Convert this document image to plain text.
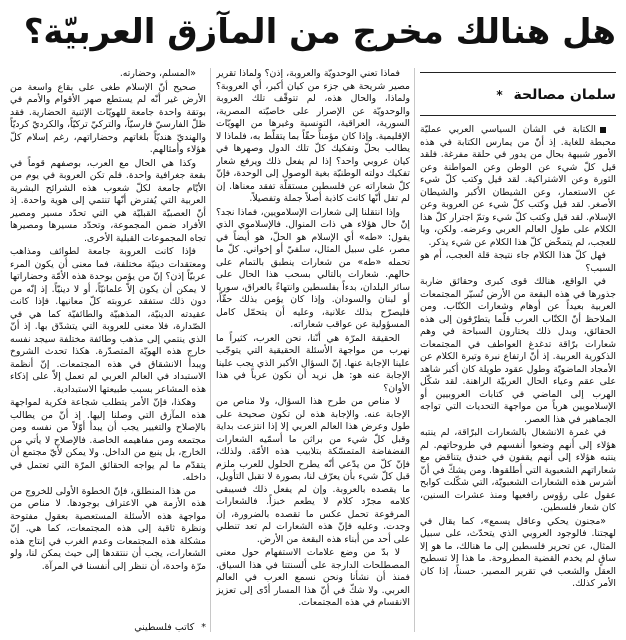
هل هنالك مخرج من المآزق العربيّة؟
سلمان مصالحة *

الكتابة في الشأن السياسي العربي عمليّة محبطة للغاية. إذ أنّ من يمارس الكتابة في هذه الأمور شبيهة بحال من يدور في حلقة مفرغة. فلقد قيل كلّ شيء عن الوطن وعن المواطنة وعن الثورة وعن الاشتراكية. لقد قيل وكتب كلّ شيء عن الاستعمار، وعن الشيطان الأكبر والشيطان الأصغر. لقد قيل وكتب كلّ شيء عن العروبة وعن الإسلام. لقد قيل وكتب كلّ شيء وتمّ اجترار كلّ هذا الكلام على طول العالم العربي وعرضه. ولكن، ويا للعجب، لم يتمخّض كلّ هذا الكلام عن شيء يذكر.

فهل كلّ هذا الكلام جاء نتيجة قلة العجب، أم هو السبب؟

في الواقع، هنالك قوى كبرى وحقائق ضاربة جذورها في هذه البقعة من الأرض تُسيّر المجتمعات العربية بعيداً عن أوهام وشعارات الكتّاب. ومن الملاحظ أنّ الكتّاب العرب قلّما يتطرّقون إلى هذه الحقائق، وبدل ذلك يختارون السباحة في وهم شعارات برّاقة تدغدغ العواطف في المجتمعات الذكورية العربية. إذ أنّ ارتفاع نبرة وتيرة الكلام عن الأمجاد الماضويّة وطول عقود طويلة كان أكبر شاهد على عقم وعياء الحال العربيّة الراهنة. لقد شكّل الهرب إلى الماضي في كتابات العروبيين أو الإسلامويين هرباً من مواجهة التحديات التي تواجه الجماهير في هذا العصر.

في غمرة الانشغال بالشعارات البرّاقة، لم ينتبه هؤلاء إلى أنهم وضعوا أنفسهم في طروحاتهم. لم ينتبه هؤلاء إلى أنهم يقفون في خندق يتناقض مع شعاراتهم الشعبوية التي أطلقوها. ومن يشكّ في أنّ أشرس هذه الشعارات الشعبويّة، التي شكّلت كوابح عقول على رؤوس رافعيها ومنذ عشرات السنين، كان شعار فلسطين.

«مجنون يحكي وعاقل يسمع»، كما يقال في لهجتنا. فالوجود العروبي الذي يتحدّث، على سبيل المثال، عن تحرير فلسطين إلى ما هنالك، ما هو إلا ساقٍ لم يخدم القضية المطروحة. ما هذا إلا تسطيح العقل والشعب في تقرير المصير. حسناً، إذا كان الأمر كذلك.

فماذا تعني الوحدويّة والعروبة، إذن؟ ولماذا تقرير مصير شريحة هي جزء من كيان أكبر، أي العروبة؟ ولماذا، والحال هذه، لم تتوقّف تلك العروبة والوحدويّة عن الإصرار على خاصيّته المصرية، السورية، العراقية، التونسية وغيرها من الهويّات الإقليمية. وإذا كان مؤمناً حقّاً بما يتقلّط به، فلماذا لا يطالب بحلّ وتفكيك كلّ تلك الدول وصهرها في كيان عروبي واحد؟ إذا لم يفعل ذلك ويرفع شعار تفكيك دولته الوطنيّة بغية الوصول إلى الوحدة، فإنّ كلّ شعاراته عن فلسطين مستقلّة تفقد معناها. إن لم تقل أنّها كانت كاذبة أصلاً جملة وتفصيلاً.

وإذا انتقلنا إلى شعارات الإسلامويين، فماذا نجد؟ إنّ حال هؤلاء هي ذات المنوال. فالإسلاموي الذي يقول: «طه» أي الإسلام هو الحلّ، هو أيضاً في مصر، على سبيل المثال، سلفيّ أو إخواني. كلّ ما تحمله «طه» من شعارات ينطبق بالتمام على حالهم. شعارات بالتالي بسحب هذا الحال على سائر البلدان، بدءاً بفلسطين وانتهاءً بالعراق، سوريا أو لبنان والسودان. وإذا كان يؤمن بذلك حقّاً، فليصرّح بذلك علانية، وعليه أن يتحمّل كامل المسؤولية عن عواقب شعاراته.

الحقيقة المرّة هي أنّنا، نحن العرب، كثيراً ما نهرب من مواجهة الأسئلة الحقيقية التي يتوجّب علينا الإجابة عنها. إنّ السؤال الأكبر الذي يجب علينا الإجابة عنه هو: هل نريد أن نكون عرباً في هذا الأوان؟

لا مناص من طرح هذا السؤال، ولا مناص من الإجابة عنه. والإجابة هذه لن تكون صحيحة على طول وعرض هذا العالم العربي إلا إذا انتزعت بداية وقبل كلّ شيء من براثن ما أسمّيه الشعارات الفضفاضة المتمسّكة بتلابيب هذه الأمّة. ولذلك، فإنّ كلّ من يدّعي أنّه يطرح الحلول للعرب ملزم قبل كلّ شيء بأن يعرّف لنا، بصورة لا تقبل التأويل، ما يقصده بالعروبة. وإن لم يفعل ذلك فسيبقى كلامه مجرّد كلام لا يطعم خبزاً. فالشعارات المرفوعة تحمل عكس ما تقصده بالضرورة، إن وجدت. وعليه فإنّ هذه الشعارات لم تعد تنطلي على أحد من أبناء هذه البقعة من الأرض.

لا بدّ من وضع علامات الاستفهام حول معنى المصطلحات الدارجة على ألسنتنا في هذا السياق. فمنذ أن نشأنا ونحن نسمع العرب في العالم العربي. ولا شكّ في أنّ هذا المسار أدّى إلى تعزيز الانقسام في هذه المجتمعات.

«المسلم، وحضارته.

صحيح أنّ الإسلام طغى على بقاع واسعة من الأرض غير أنّه لم يستطع صهر الأقوام والأمم في بوتقة واحدة جامعة للهويّات الإثنية الحضارية. فقد ظلّ الفارسيّ فارسيّاً، والتركيّ تركيّاً، والكرديّ كرديّاً والهنديّ هنديّاً بلغاتهم وحضاراتهم، رغم إسلام كلّ هؤلاء وأمثالهم.

وكذا هي الحال مع العرب، بوصفهم قوماً في بقعة جغرافية واحدة. فلم تكن العروبة في يوم من الأيّام جامعة لكلّ شعوب هذه الشرائح البشرية العربية التي يُفترض أنّها تنتمي إلى هوية واحدة. إذ أنّ العصبيّة القبليّة هي التي تحدّد مسير ومصير الأفراد ضمن المجموعة، وتحدّد مسيرها ومصيرها تجاه المجموعات القبلية الأخرى.

فإذا كانت العروبة جامعة لطوائف ومذاهب ومعتقدات دينيّة مختلفة، فما معنى أن يكون المرء عربيّاً إذن؟ إنّ من يؤمن بوحدة هذه الأمّة وحضاراتها لا يمكن أن يكون إلاّ علمانيّاً، أو لا دينيّاً. إذ إنّه من دون ذلك ستفقد عروبته كلّ معانيها. فإذا كانت عقيدته الدينيّة، المذهبيّة والطائفيّة كما هي في الصّدارة، فلا معنى للعروبة التي يتشدّق بها. إذ أنّ الذي ينتمي إلى مذهب وطائفة مختلفة سيجد نفسه خارج هذه الهويّة المتصدّرة. هكذا تحدث الشروخ ويبدأ الانشقاق في هذه المجتمعات. إنّ أنظمة الاستبداد في العالم العربي لم تعمل إلاّ على إذكاء هذه المشاعر بسبب طبيعتها الاستبدادية.

وهكذا، فإنّ الأمر يتطلب شجاعة فكرية لمواجهة هذه المآزق التي وصلنا إليها. إذ أنّ من يطالب بالإصلاح والتغيير يجب أن يبدأ أوّلاً من نفسه ومن مجتمعه ومن مفاهيمه الخاصة. فالإصلاح لا يأتي من الخارج، بل ينبع من الداخل. ولا يمكن لأيّ مجتمع أن يتقدّم ما لم يواجه الحقائق المرّة التي تعتمل في داخله.

من هذا المنطلق، فإنّ الخطوة الأولى للخروج من هذه الأزمة هي الاعتراف بوجودها. لا مناص من مواجهة هذه الأسئلة المستعصية بعقول مفتوحة ونظرة ثاقبة إلى هذه المجتمعات، كما هي. إنّ مشكلة هذه المجتمعات وعدم الغرب في إنتاج هذه الشعارات، يجب أن ننتقدها إلى حيث يمكن لنا، ولو مرّة واحدة، أن ننظر إلى أنفسنا في المرآة.

* كاتب فلسطيني
